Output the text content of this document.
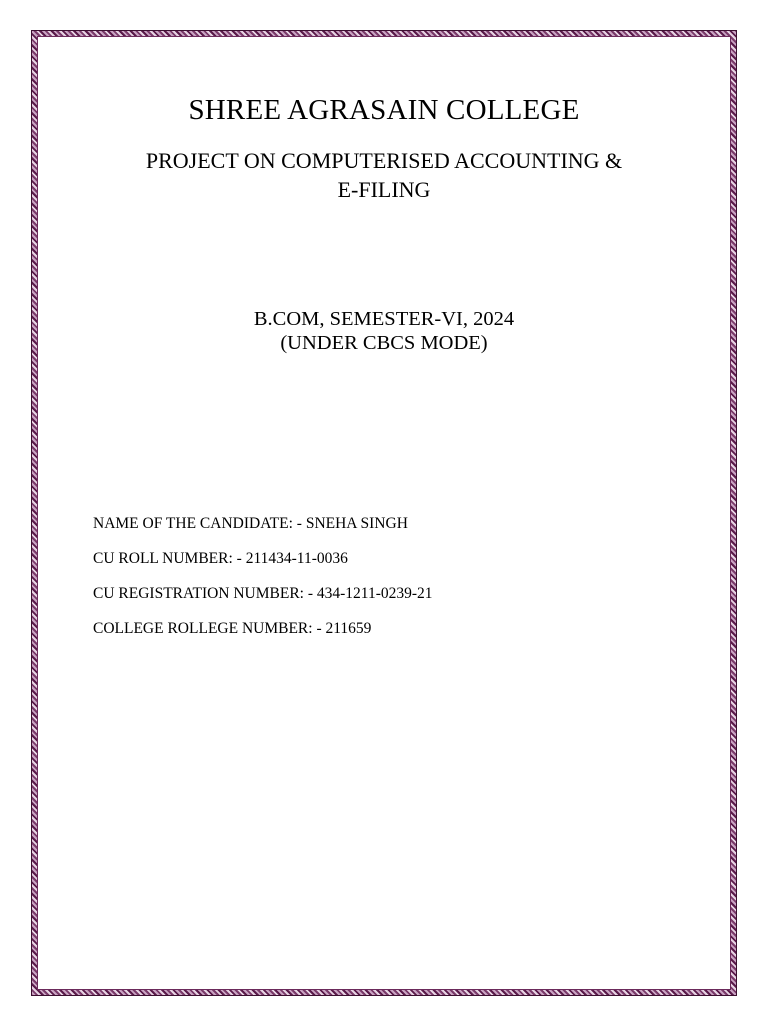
SHREE AGRASAIN COLLEGE
PROJECT ON COMPUTERISED ACCOUNTING &
E-FILING
B.COM, SEMESTER-VI, 2024
(UNDER CBCS MODE)
NAME OF THE CANDIDATE: - SNEHA SINGH
CU ROLL NUMBER: - 211434-11-0036
CU REGISTRATION NUMBER: - 434-1211-0239-21
COLLEGE ROLLEGE NUMBER: - 211659
